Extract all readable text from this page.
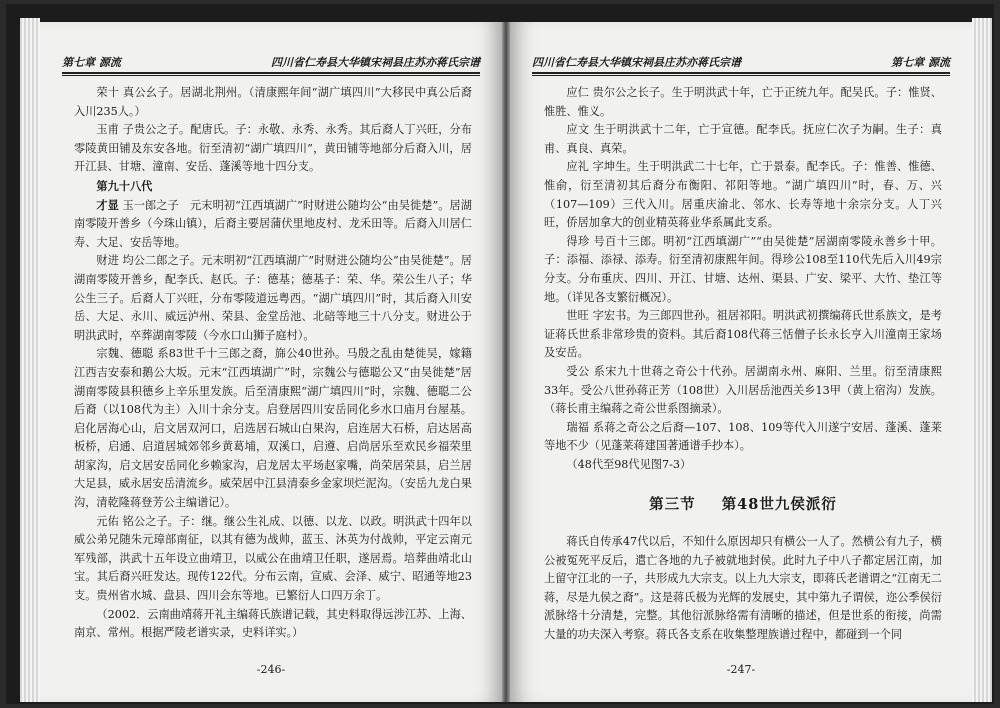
第七章 源流	四川省仁寿县大华镇宋祠县庄苏亦蒋氏宗谱

荣十 真公幺子。居湖北荆州。（清康熙年间“湖广填四川”大移民中真公后裔入川235人。）

玉甫 子贵公之子。配唐氏。子：永敬、永秀、永秀。其后裔人丁兴旺，分布零陵黄田铺及东安各地。衍至清初“湖广填四川”，黄田铺等地部分后裔入川，居开江县、甘塘、潼南、安岳、蓬溪等地十四分支。

第九十八代

才显 玉一郎之子　元末明初“江西填湖广”时财进公随均公“由吴徙楚”。居湖南零陵开善乡（今珠山镇），后裔主要居蒲伏里地皮村、龙禾田等。后裔入川居仁寿、大足、安岳等地。

财进 均公二郎之子。元末明初“江西填湖广”时财进公随均公“由吴徙楚”。居湖南零陵开善乡，配李氏、赵氏。子：德基；德基子：荣、华。荣公生八子；华公生三子。后裔人丁兴旺，分布零陵道远粤西。“湖广填四川”时，其后裔入川安岳、大足、永川、威远泸州、荣县、金堂岳池、北碚等地三十八分支。财进公于明洪武时，卒葬湖南零陵（今水口山狮子庭村）。

宗魏、德聪 系83世千十三郎之裔，旆公40世孙。马殷之乱由楚徙吴，嫁籍江西吉安泰和鹅公大坂。元末“江西填湖广”时，宗魏公与德聪公又“由吴徙楚”居湖南零陵县积德乡上辛乐里发族。后至清康熙“湖广填四川”时，宗魏、德聪二公后裔（以108代为主）入川十余分支。启登居四川安岳同化乡水口庙月台屋基。启化居海心山，启文居双河口，启选居石城山白果沟，启连居大石桥，启达居高板桥，启通、启道居城郊邻乡黄葛埔，双溪口，启遵、启尚居乐至欢民乡福荣里胡家沟，启文居安岳同化乡赖家沟，启龙居太平场赵家嘴，尚荣居荣县，启兰居大足县，威永居安岳清流乡。威荣居中江县清泰乡金家坝烂泥沟。（安岳九龙白果沟，清乾隆蒋登芳公主编谱记）。

元佑 铭公之子。子：继。继公生礼成、以德、以龙、以政。明洪武十四年以威公弟兄随朱元璋部南征，以其有德为战帅，蓝玉、沐英为付战帅，平定云南元军残部，洪武十五年设立曲靖卫，以威公在曲靖卫任职，遂居焉。培葬曲靖北山宝。其后裔兴旺发达。现传122代。分布云南，宣威、会泽、威宁、昭通等地23支。贵州省水城、盘县、四川会东等地。已繁衍人口四万余丁。

（2002．云南曲靖蒋开礼主编蒋氏族谱记载，其史料取得远涉江苏、上海、南京、常州。根据严陵老谱实录，史料详实。）

-246-
四川省仁寿县大华镇宋祠县庄苏亦蒋氏宗谱	第七章 源流

应仁 贵尔公之长子。生于明洪武十年，亡于正统九年。配吴氏。子：惟贤、惟胜、惟义。

应文 生于明洪武十二年，亡于宣德。配李氏。抚应仁次子为嗣。生子：真甫、真良、真荣。

应礼 字坤生。生于明洪武二十七年，亡于景泰。配李氏。子：惟善、惟德、惟俞，衍至清初其后裔分布衡阳、祁阳等地。“湖广填四川”时，春、万、兴（107—109）三代入川。居重庆渝北、邻水、长寿等地十余宗分支。人丁兴旺，侨居加拿大的创业精英蒋业华系属此支系。

得珍 号百十三郎。明初“江西填湖广”“由吴徙楚”居湖南零陵永善乡十甲。子：添福、添禄、添寿。衍至清初康熙年间。得珍公108至110代先后入川49宗分支。分布重庆、四川、开江、甘塘、达州、渠县、广安、梁平、大竹、垫江等地。（详见各支繁衍概况）。

世旺 字宏书。为三郎四世孙。祖居祁阳。明洪武初撰编蒋氏世系族文，是考证蒋氏世系非常珍贵的资料。其后裔108代蒋三恬僧子长永长亨入川潼南王家场及安岳。

受公 系宋九十世蒋之奇公十代孙。居湖南永州、麻阳、兰里。衍至清康熙33年。受公八世孙蒋正芳（108世）入川居岳池西关乡13甲（黄上宿沟）发族。（蒋长甫主编蒋之奇公世系图摘录）。

瑞福 系蒋之奇公之后裔—107、108、109等代入川遂宁安居、蓬溪、蓬莱等地不少（见蓬莱蒋建国著通谱手抄本）。

（48代至98代见图7-3）

第三节 第48世九侯派衍

蒋氏自传承47代以后，不知什么原因却只有横公一人了。然横公有九子，横公被冤死平反后，遣亡各地的九子被就地封侯。此时九子中八子都定居江南，加上留守江北的一子，共形成九大宗支。以上九大宗支，即蒋氏老谱谓之“江南无二蒋，尽是九侯之裔”。这是蒋氏极为光辉的发展史，其中第九子谓侯，迩公季侯衍派脉络十分清楚，完整。其他衍派脉络需有清晰的描述，但是世系的衔接，尚需大量的功夫深入考察。蒋氏各支系在收集整理族谱过程中，都碰到一个同

-247-
